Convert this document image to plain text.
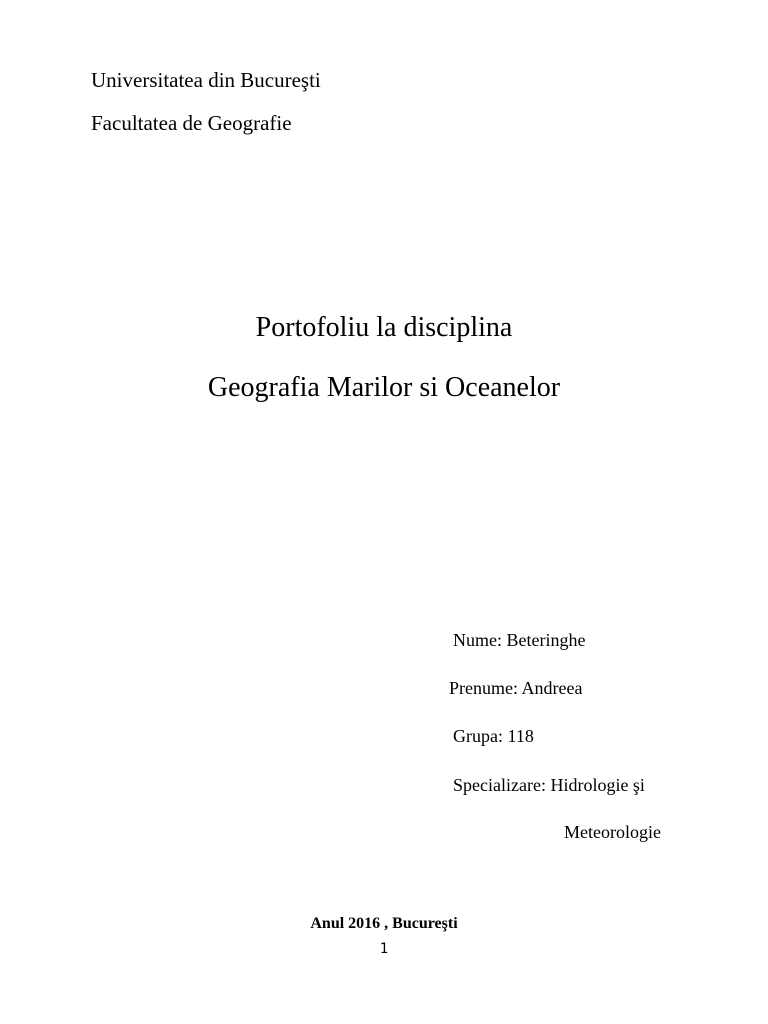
Universitatea din Bucureşti
Facultatea de Geografie
Portofoliu la disciplina
Geografia Marilor si Oceanelor
Nume: Beteringhe
Prenume: Andreea
Grupa: 118
Specializare: Hidrologie şi
Meteorologie
Anul 2016 , Bucureşti
1
